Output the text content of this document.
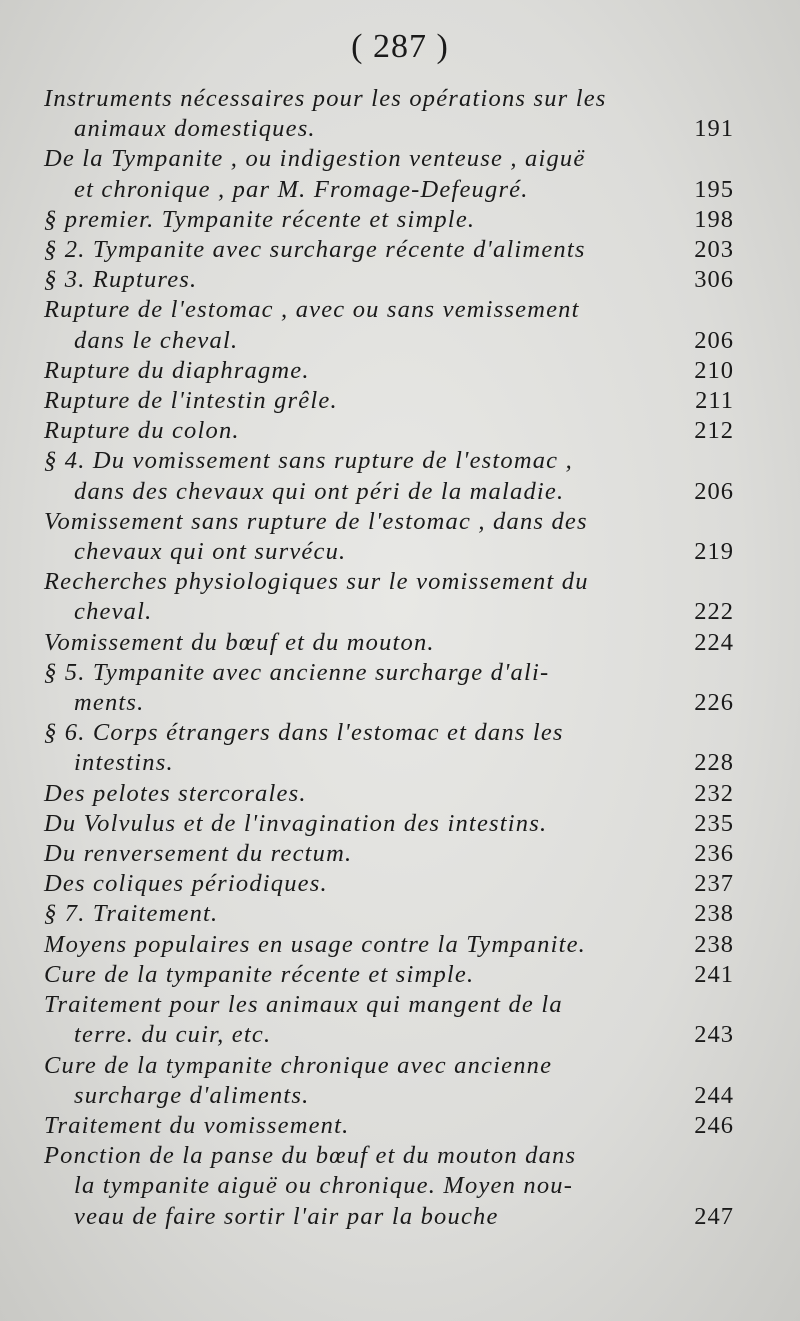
( 287 )
Instruments nécessaires pour les opérations sur les
animaux domestiques.	191
De la Tympanite , ou indigestion venteuse , aiguë
et chronique , par M. Fromage-Defeugré.	195
§ premier. Tympanite récente et simple.	198
§ 2. Tympanite avec surcharge récente d'aliments	203
§ 3. Ruptures.	306
Rupture de l'estomac , avec ou sans vemissement
dans le cheval.	206
Rupture du diaphragme.	210
Rupture de l'intestin grêle.	211
Rupture du colon.	212
§ 4. Du vomissement sans rupture de l'estomac ,
dans des chevaux qui ont péri de la maladie.	206
Vomissement sans rupture de l'estomac , dans des
chevaux qui ont survécu.	219
Recherches physiologiques sur le vomissement du
cheval.	222
Vomissement du bœuf et du mouton.	224
§ 5. Tympanite avec ancienne surcharge d'ali-
ments.	226
§ 6. Corps étrangers dans l'estomac et dans les
intestins.	228
Des pelotes stercorales.	232
Du Volvulus et de l'invagination des intestins.	235
Du renversement du rectum.	236
Des coliques périodiques.	237
§ 7. Traitement.	238
Moyens populaires en usage contre la Tympanite.	238
Cure de la tympanite récente et simple.	241
Traitement pour les animaux qui mangent de la
terre. du cuir, etc.	243
Cure de la tympanite chronique avec ancienne
surcharge d'aliments.	244
Traitement du vomissement.	246
Ponction de la panse du bœuf et du mouton dans
la tympanite aiguë ou chronique. Moyen nou-
veau de faire sortir l'air par la bouche	247
